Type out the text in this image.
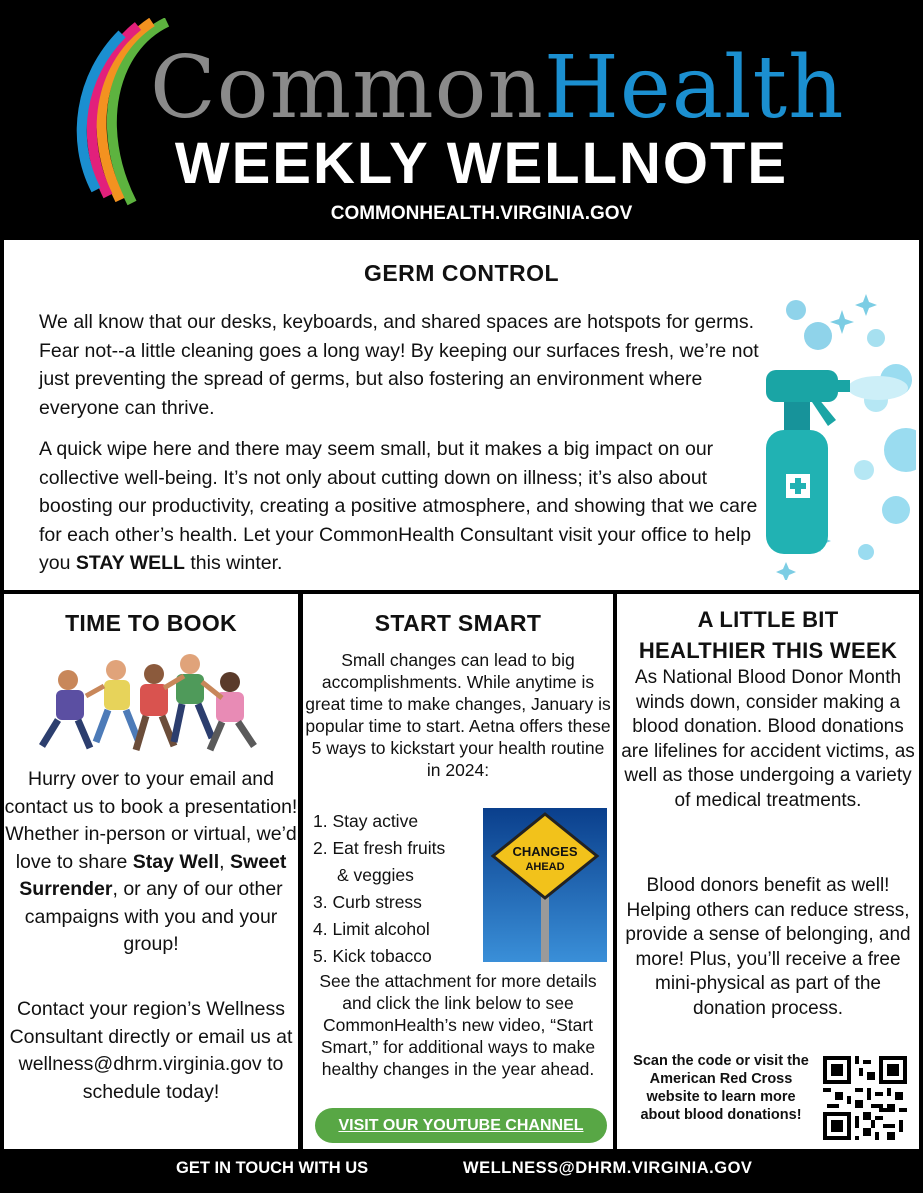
CommonHealth
WEEKLY WELLNOTE
COMMONHEALTH.VIRGINIA.GOV
GERM CONTROL

We all know that our desks, keyboards, and shared spaces are hotspots for germs. Fear not--a little cleaning goes a long way! By keeping our surfaces fresh, we’re not just preventing the spread of germs, but also fostering an environment where everyone can thrive.

A quick wipe here and there may seem small, but it makes a big impact on our collective well-being. It’s not only about cutting down on illness; it’s also about boosting our productivity, creating a positive atmosphere, and showing that we care for each other’s health. Let your CommonHealth Consultant visit your office to help you STAY WELL this winter.

TIME TO BOOK

Hurry over to your email and contact us to book a presentation! Whether in-person or virtual, we’d love to share Stay Well, Sweet Surrender, or any of our other campaigns with you and your group!

Contact your region’s Wellness Consultant directly or email us at wellness@dhrm.virginia.gov to schedule today!

START SMART

Small changes can lead to big accomplishments. While anytime is great time to make changes, January is popular time to start. Aetna offers these 5 ways to kickstart your health routine in 2024:

1. Stay active
2. Eat fresh fruits
& veggies
3. Curb stress
4. Limit alcohol
5. Kick tobacco
CHANGES
AHEAD

See the attachment for more details and click the link below to see CommonHealth’s new video, “Start Smart,” for additional ways to make healthy changes in the year ahead.

VISIT OUR YOUTUBE CHANNEL
A LITTLE BIT
HEALTHIER THIS WEEK

As National Blood Donor Month winds down, consider making a blood donation. Blood donations are lifelines for accident victims, as well as those undergoing a variety of medical treatments.

Blood donors benefit as well! Helping others can reduce stress, provide a sense of belonging, and more! Plus, you’ll receive a free mini-physical as part of the donation process.

Scan the code or visit the American Red Cross website to learn more about blood donations!

GET IN TOUCH WITH US	WELLNESS@DHRM.VIRGINIA.GOV
